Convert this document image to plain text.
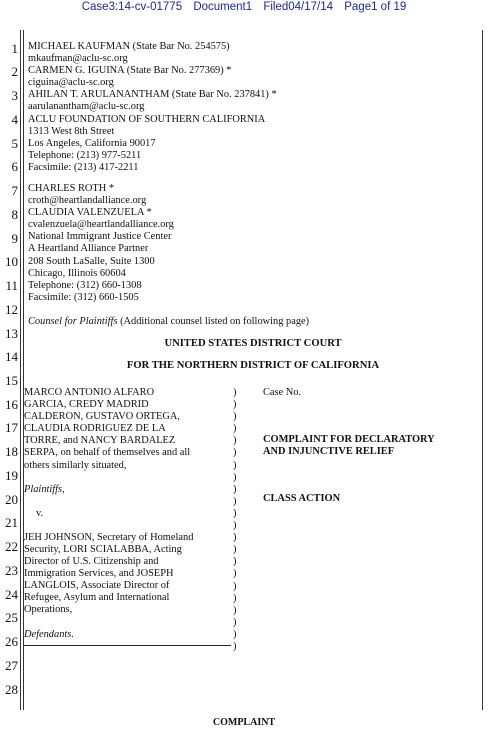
Case3:14-cv-01775 Document1 Filed04/17/14 Page1 of 19
1
2
3
4
5
6
7
8
9
10
11
12
13
14
15
16
17
18
19
20
21
22
23
24
25
26
27
28
MICHAEL KAUFMAN (State Bar No. 254575)
mkaufman@aclu-sc.org
CARMEN G. IGUINA (State Bar No. 277369) *
ciguina@aclu-sc.org
AHILAN T. ARULANANTHAM (State Bar No. 237841) *
aarulanantham@aclu-sc.org
ACLU FOUNDATION OF SOUTHERN CALIFORNIA
1313 West 8th Street
Los Angeles, California 90017
Telephone: (213) 977-5211
Facsimile: (213) 417-2211
CHARLES ROTH *
croth@heartlandalliance.org
CLAUDIA VALENZUELA *
cvalenzuela@heartlandalliance.org
National Immigrant Justice Center
A Heartland Alliance Partner
208 South LaSalle, Suite 1300
Chicago, Illinois 60604
Telephone: (312) 660-1308
Facsimile: (312) 660-1505
Counsel for Plaintiffs (Additional counsel listed on following page)
UNITED STATES DISTRICT COURT
FOR THE NORTHERN DISTRICT OF CALIFORNIA
MARCO ANTONIO ALFARO
GARCIA, CREDY MADRID
CALDERON, GUSTAVO ORTEGA,
CLAUDIA RODRIGUEZ DE LA
TORRE, and NANCY BARDALEZ
SERPA, on behalf of themselves and all
others similarly situated,
Plaintiffs,
v.
JEH JOHNSON, Secretary of Homeland
Security, LORI SCIALABBA, Acting
Director of U.S. Citizenship and
Immigration Services, and JOSEPH
LANGLOIS, Associate Director of
Refugee, Asylum and International
Operations,
Defendants.
)
)
)
)
)
)
)
)
)
)
)
)
)
)
)
)
)
)
)
)
)
)
Case No.
COMPLAINT FOR DECLARATORY
AND INJUNCTIVE RELIEF
CLASS ACTION
COMPLAINT
